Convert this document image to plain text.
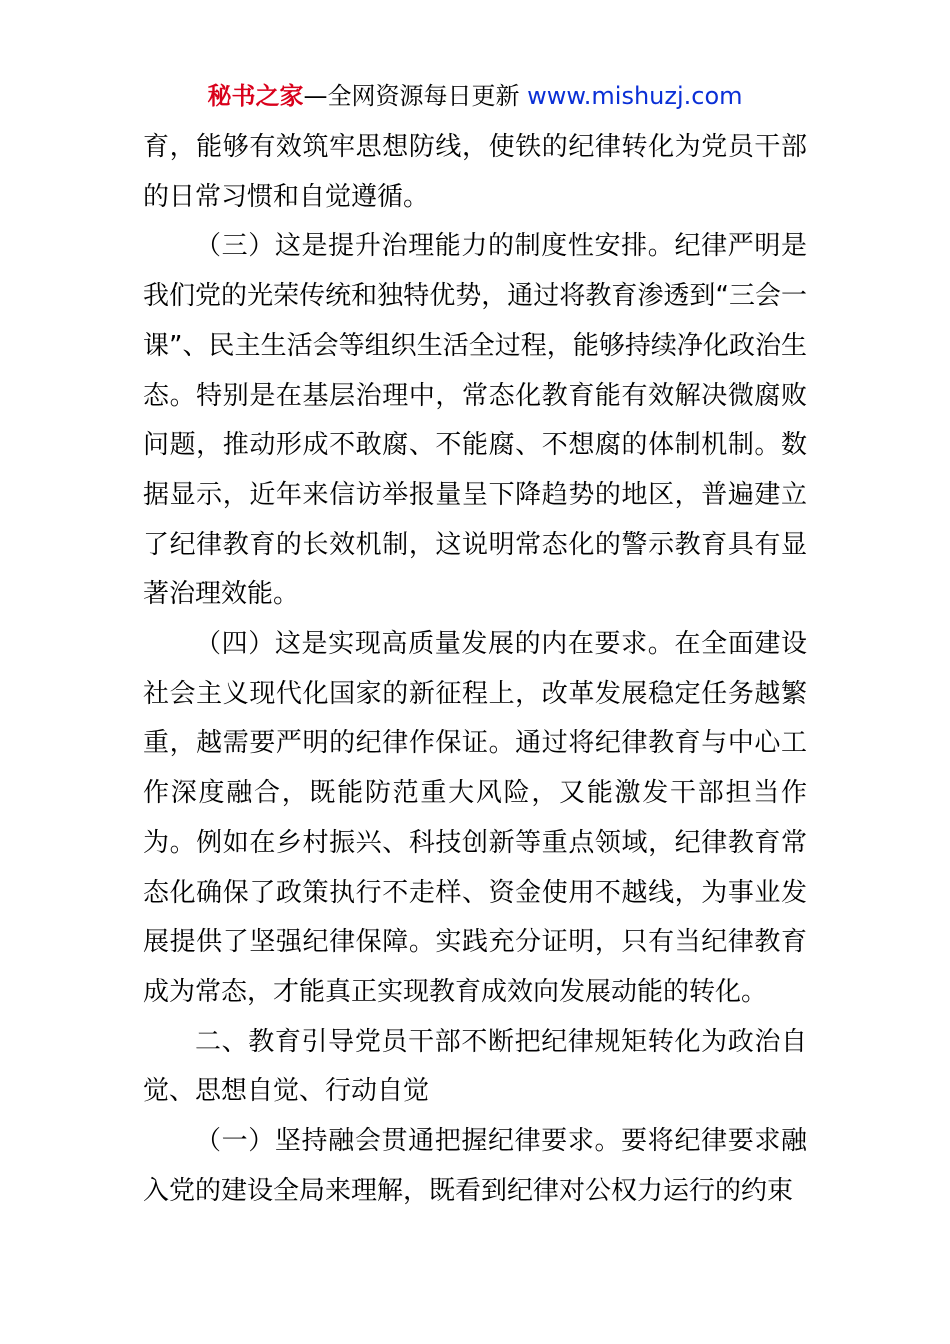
秘书之家—全网资源每日更新 www.mishuzj.com

育，能够有效筑牢思想防线，使铁的纪律转化为党员干部的日常习惯和自觉遵循。

（三）这是提升治理能力的制度性安排。纪律严明是我们党的光荣传统和独特优势，通过将教育渗透到“三会一课”、民主生活会等组织生活全过程，能够持续净化政治生态。特别是在基层治理中，常态化教育能有效解决微腐败问题，推动形成不敢腐、不能腐、不想腐的体制机制。数据显示，近年来信访举报量呈下降趋势的地区，普遍建立了纪律教育的长效机制，这说明常态化的警示教育具有显著治理效能。

（四）这是实现高质量发展的内在要求。在全面建设社会主义现代化国家的新征程上，改革发展稳定任务越繁重，越需要严明的纪律作保证。通过将纪律教育与中心工作深度融合，既能防范重大风险，又能激发干部担当作为。例如在乡村振兴、科技创新等重点领域，纪律教育常态化确保了政策执行不走样、资金使用不越线，为事业发展提供了坚强纪律保障。实践充分证明，只有当纪律教育成为常态，才能真正实现教育成效向发展动能的转化。

二、教育引导党员干部不断把纪律规矩转化为政治自觉、思想自觉、行动自觉

（一）坚持融会贯通把握纪律要求。要将纪律要求融入党的建设全局来理解，既看到纪律对公权力运行的约束
